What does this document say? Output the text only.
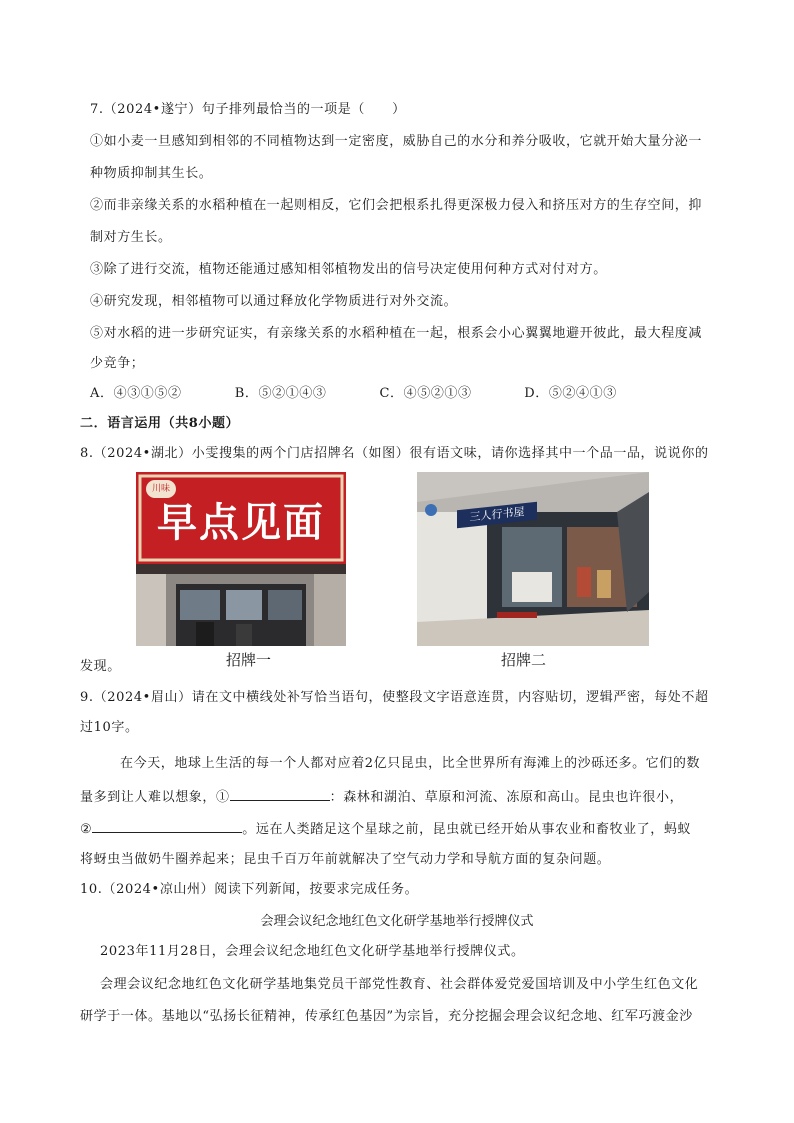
7.（2024•遂宁）句子排列最恰当的一项是（　　）
①如小麦一旦感知到相邻的不同植物达到一定密度，威胁自己的水分和养分吸收，它就开始大量分泌一
种物质抑制其生长。
②而非亲缘关系的水稻种植在一起则相反，它们会把根系扎得更深极力侵入和挤压对方的生存空间，抑
制对方生长。
③除了进行交流，植物还能通过感知相邻植物发出的信号决定使用何种方式对付对方。
④研究发现，相邻植物可以通过释放化学物质进行对外交流。
⑤对水稻的进一步研究证实，有亲缘关系的水稻种植在一起，根系会小心翼翼地避开彼此，最大程度减
少竞争；
A．④③①⑤②	B．⑤②①④③	C．④⑤②①③	D．⑤②④①③
二．语言运用（共8小题）
8.（2024•湖北）小雯搜集的两个门店招牌名（如图）很有语文味，请你选择其中一个品一品，说说你的
川味
早点见面	三人行书屋
发现。	招牌一	招牌二
9.（2024•眉山）请在文中横线处补写恰当语句，使整段文字语意连贯，内容贴切，逻辑严密，每处不超
过10字。
在今天，地球上生活的每一个人都对应着2亿只昆虫，比全世界所有海滩上的沙砾还多。它们的数
量多到让人难以想象，①	：森林和湖泊、草原和河流、冻原和高山。昆虫也许很小，
②	。远在人类踏足这个星球之前，昆虫就已经开始从事农业和畜牧业了，蚂蚁
将蚜虫当做奶牛圈养起来；昆虫千百万年前就解决了空气动力学和导航方面的复杂问题。
10.（2024•凉山州）阅读下列新闻，按要求完成任务。
会理会议纪念地红色文化研学基地举行授牌仪式
2023年11月28日，会理会议纪念地红色文化研学基地举行授牌仪式。
会理会议纪念地红色文化研学基地集党员干部党性教育、社会群体爱党爱国培训及中小学生红色文化
研学于一体。基地以“弘扬长征精神，传承红色基因”为宗旨，充分挖掘会理会议纪念地、红军巧渡金沙
